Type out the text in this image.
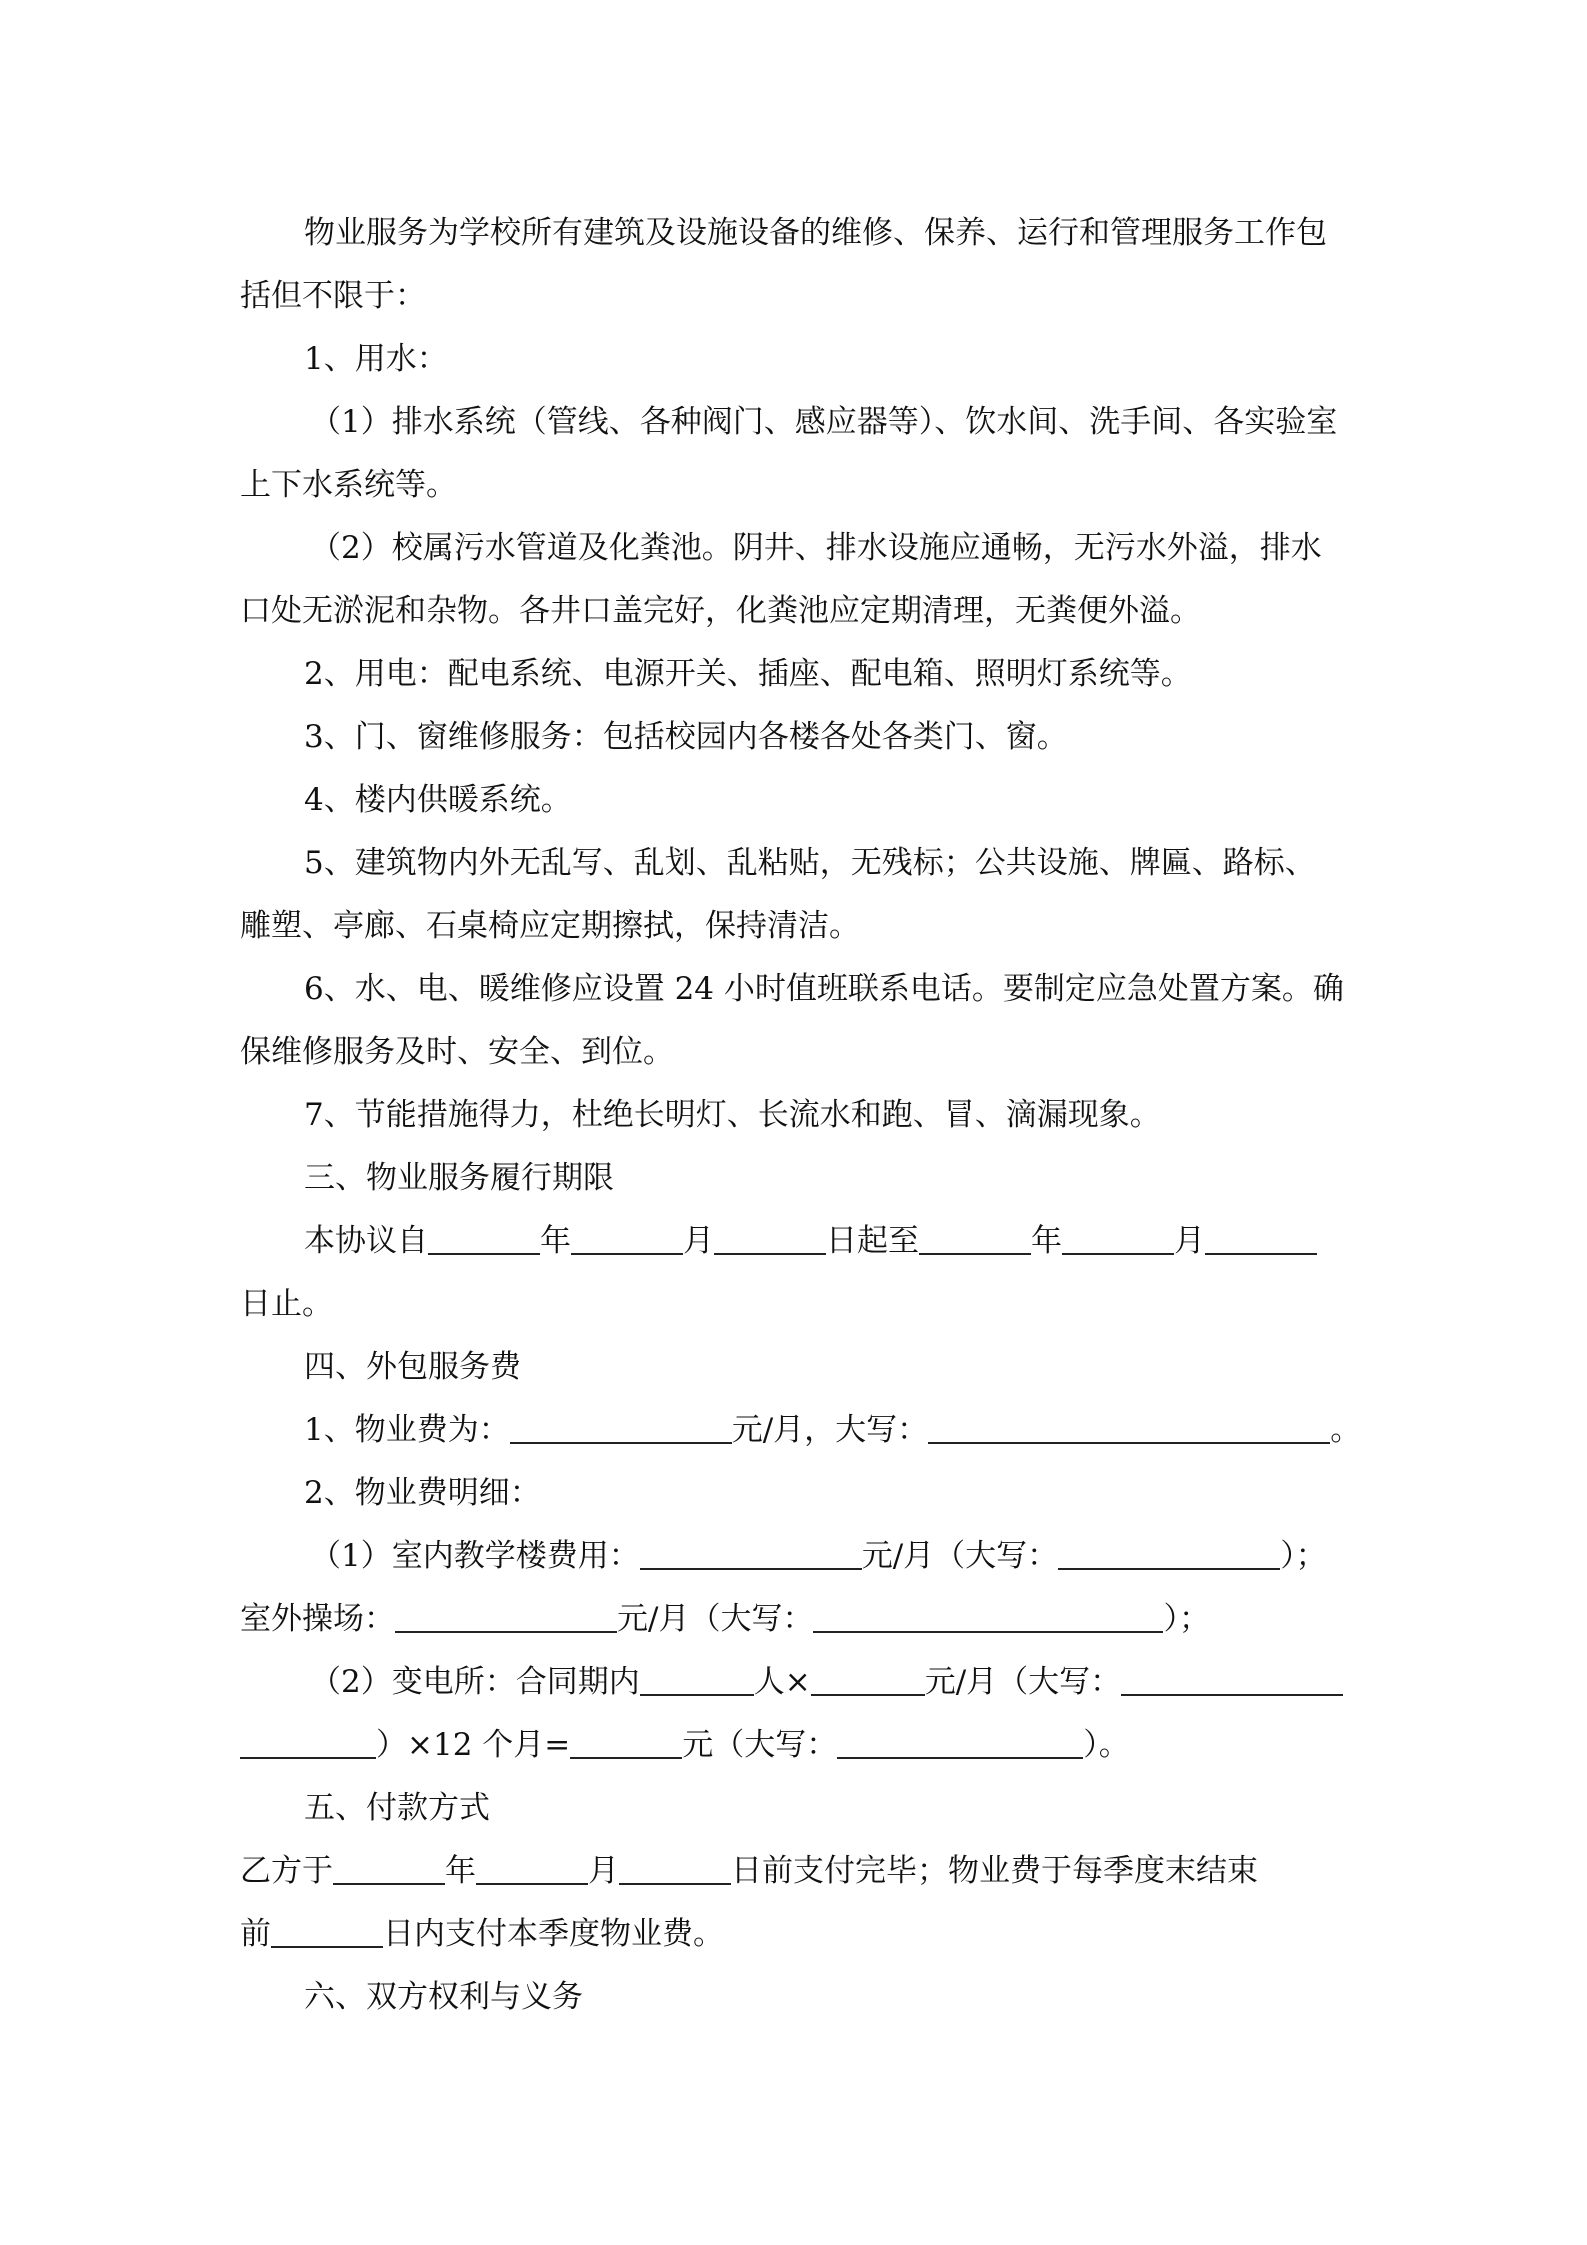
物业服务为学校所有建筑及设施设备的维修、保养、运行和管理服务工作包

括但不限于：

1、用水：

（1）排水系统（管线、各种阀门、感应器等）、饮水间、洗手间、各实验室

上下水系统等。

（2）校属污水管道及化粪池。阴井、排水设施应通畅，无污水外溢，排水

口处无淤泥和杂物。各井口盖完好，化粪池应定期清理，无粪便外溢。

2、用电：配电系统、电源开关、插座、配电箱、照明灯系统等。

3、门、窗维修服务：包括校园内各楼各处各类门、窗。

4、楼内供暖系统。

5、建筑物内外无乱写、乱划、乱粘贴，无残标；公共设施、牌匾、路标、

雕塑、亭廊、石桌椅应定期擦拭，保持清洁。

6、水、电、暖维修应设置 24 小时值班联系电话。要制定应急处置方案。确

保维修服务及时、安全、到位。

7、节能措施得力，杜绝长明灯、长流水和跑、冒、滴漏现象。

三、物业服务履行期限

本协议自	年	月	日起至	年	月

日止。

四、外包服务费

1、物业费为：	元/月，大写：	。

2、物业费明细：

（1）室内教学楼费用：	元/月（大写：	）；

室外操场：	元/月（大写：	）；

（2）变电所：合同期内	人×	元/月（大写：

）×12 个月=	元（大写：	）。

五、付款方式

乙方于	年	月	日前支付完毕；物业费于每季度末结束

前	日内支付本季度物业费。

六、双方权利与义务
